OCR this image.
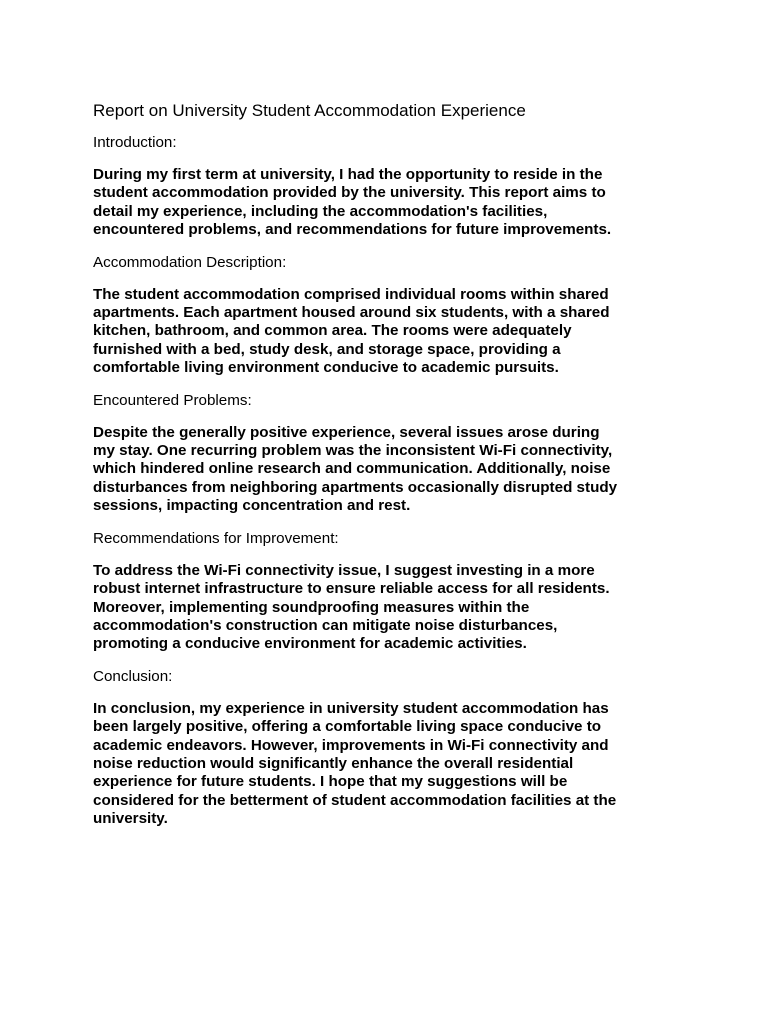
Report on University Student Accommodation Experience
Introduction:
During my first term at university, I had the opportunity to reside in the
student accommodation provided by the university. This report aims to
detail my experience, including the accommodation's facilities,
encountered problems, and recommendations for future improvements.
Accommodation Description:
The student accommodation comprised individual rooms within shared
apartments. Each apartment housed around six students, with a shared
kitchen, bathroom, and common area. The rooms were adequately
furnished with a bed, study desk, and storage space, providing a
comfortable living environment conducive to academic pursuits.
Encountered Problems:
Despite the generally positive experience, several issues arose during
my stay. One recurring problem was the inconsistent Wi-Fi connectivity,
which hindered online research and communication. Additionally, noise
disturbances from neighboring apartments occasionally disrupted study
sessions, impacting concentration and rest.
Recommendations for Improvement:
To address the Wi-Fi connectivity issue, I suggest investing in a more
robust internet infrastructure to ensure reliable access for all residents.
Moreover, implementing soundproofing measures within the
accommodation's construction can mitigate noise disturbances,
promoting a conducive environment for academic activities.
Conclusion:
In conclusion, my experience in university student accommodation has
been largely positive, offering a comfortable living space conducive to
academic endeavors. However, improvements in Wi-Fi connectivity and
noise reduction would significantly enhance the overall residential
experience for future students. I hope that my suggestions will be
considered for the betterment of student accommodation facilities at the
university.
